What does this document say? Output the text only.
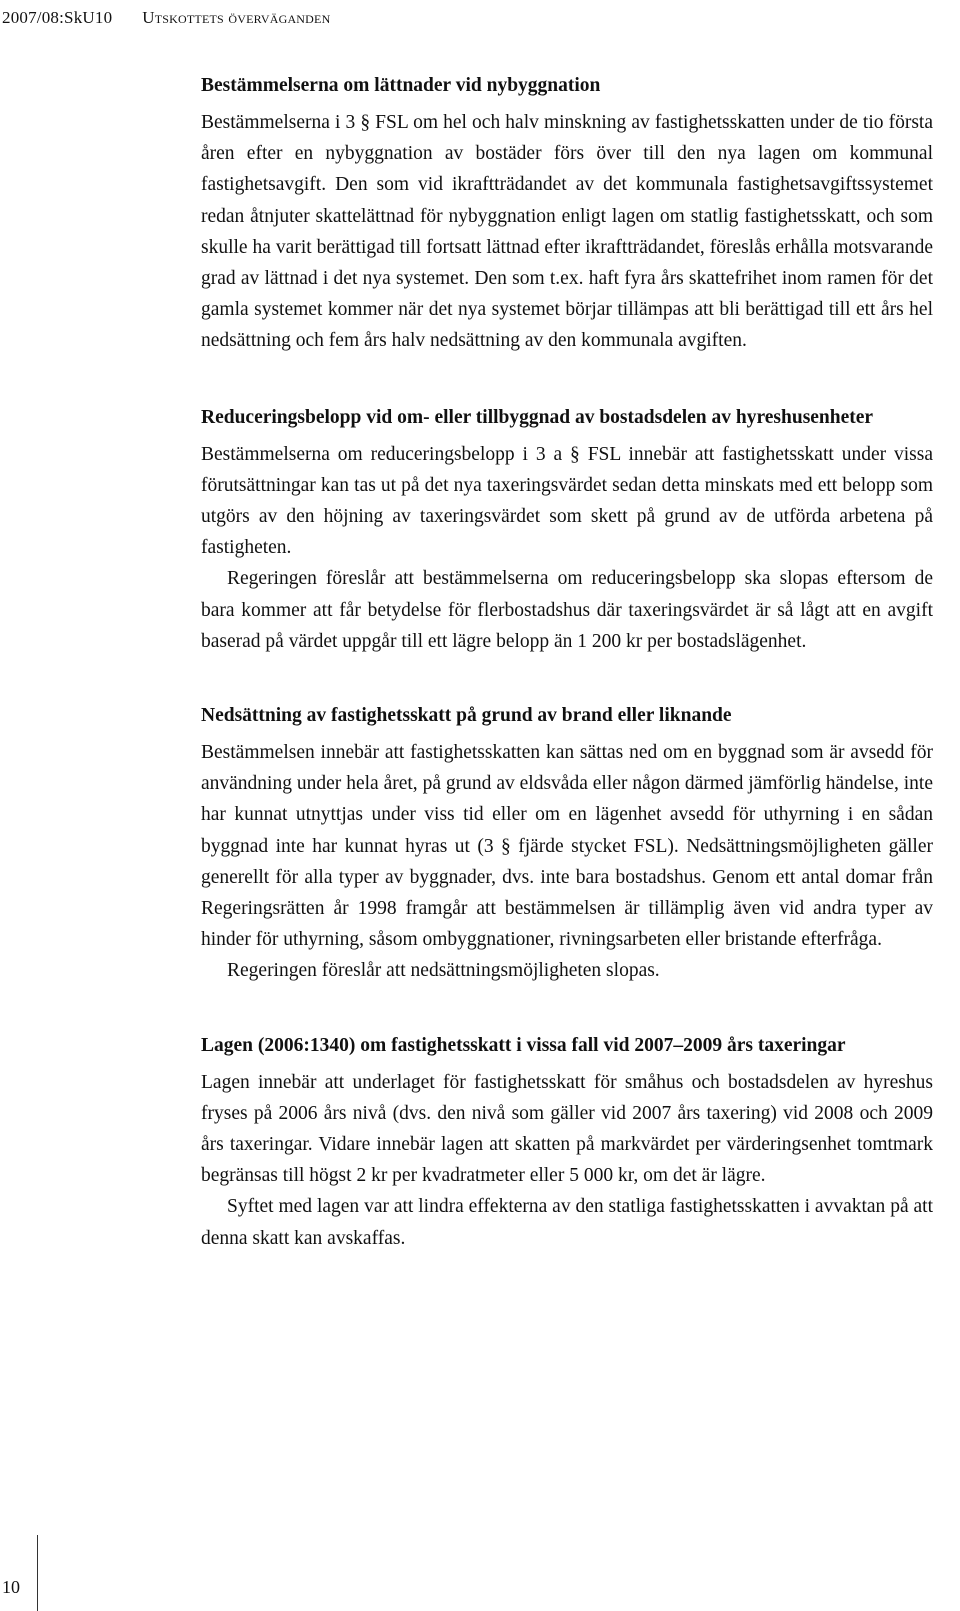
2007/08:SkU10 Utskottets överväganden
Bestämmelserna om lättnader vid nybyggnation

Bestämmelserna i 3 § FSL om hel och halv minskning av fastighetsskatten under de tio första åren efter en nybyggnation av bostäder förs över till den nya lagen om kommunal fastighetsavgift. Den som vid ikraftträdandet av det kommunala fastighetsavgiftssystemet redan åtnjuter skattelättnad för nybyggnation enligt lagen om statlig fastighetsskatt, och som skulle ha varit berättigad till fortsatt lättnad efter ikraftträdandet, föreslås erhålla motsvarande grad av lättnad i det nya systemet. Den som t.ex. haft fyra års skattefrihet inom ramen för det gamla systemet kommer när det nya systemet börjar tillämpas att bli berättigad till ett års hel nedsättning och fem års halv nedsättning av den kommunala avgiften.

Reduceringsbelopp vid om- eller tillbyggnad av bostadsdelen av hyreshusenheter

Bestämmelserna om reduceringsbelopp i 3 a § FSL innebär att fastighetsskatt under vissa förutsättningar kan tas ut på det nya taxeringsvärdet sedan detta minskats med ett belopp som utgörs av den höjning av taxeringsvärdet som skett på grund av de utförda arbetena på fastigheten.

Regeringen föreslår att bestämmelserna om reduceringsbelopp ska slopas eftersom de bara kommer att får betydelse för flerbostadshus där taxeringsvärdet är så lågt att en avgift baserad på värdet uppgår till ett lägre belopp än 1 200 kr per bostadslägenhet.

Nedsättning av fastighetsskatt på grund av brand eller liknande

Bestämmelsen innebär att fastighetsskatten kan sättas ned om en byggnad som är avsedd för användning under hela året, på grund av eldsvåda eller någon därmed jämförlig händelse, inte har kunnat utnyttjas under viss tid eller om en lägenhet avsedd för uthyrning i en sådan byggnad inte har kunnat hyras ut (3 § fjärde stycket FSL). Nedsättningsmöjligheten gäller generellt för alla typer av byggnader, dvs. inte bara bostadshus. Genom ett antal domar från Regeringsrätten år 1998 framgår att bestämmelsen är tillämplig även vid andra typer av hinder för uthyrning, såsom ombyggnationer, rivningsarbeten eller bristande efterfråga.

Regeringen föreslår att nedsättningsmöjligheten slopas.

Lagen (2006:1340) om fastighetsskatt i vissa fall vid 2007–2009 års taxeringar

Lagen innebär att underlaget för fastighetsskatt för småhus och bostadsdelen av hyreshus fryses på 2006 års nivå (dvs. den nivå som gäller vid 2007 års taxering) vid 2008 och 2009 års taxeringar. Vidare innebär lagen att skatten på markvärdet per värderingsenhet tomtmark begränsas till högst 2 kr per kvadratmeter eller 5 000 kr, om det är lägre.

Syftet med lagen var att lindra effekterna av den statliga fastighetsskatten i avvaktan på att denna skatt kan avskaffas.

10
